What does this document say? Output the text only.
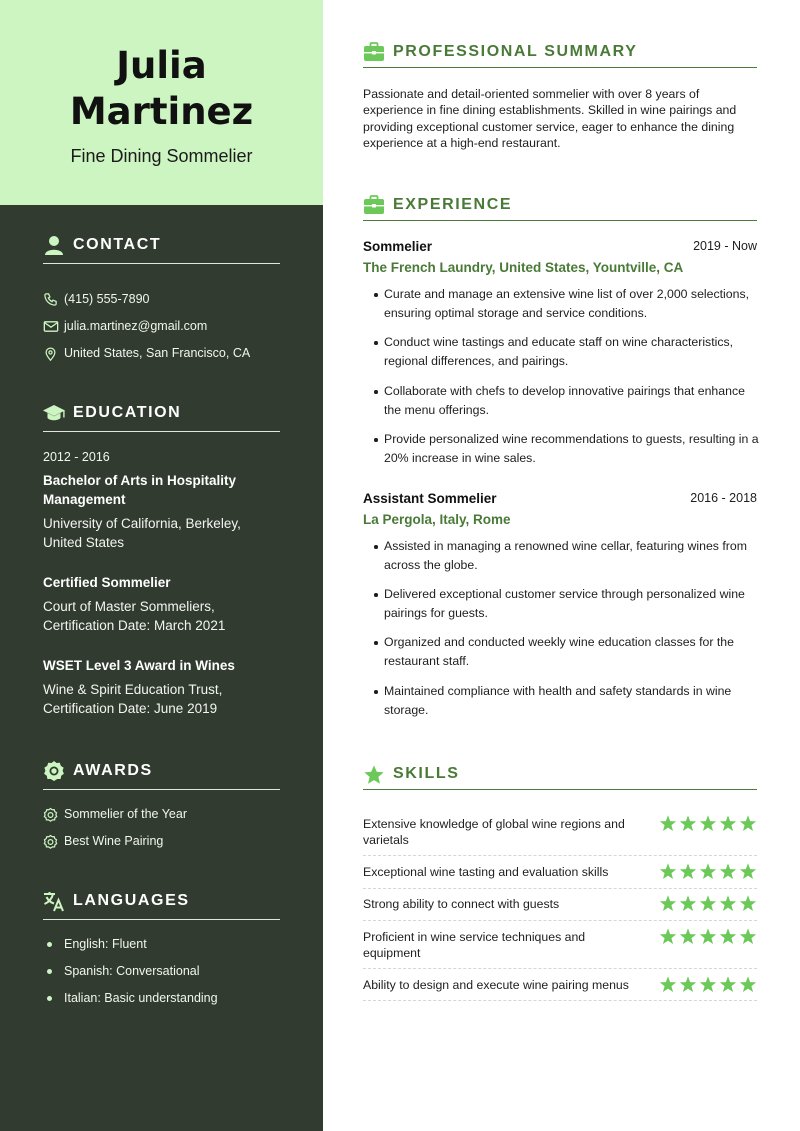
Julia
Martinez
Fine Dining Sommelier
CONTACT
(415) 555-7890
julia.martinez@gmail.com
United States, San Francisco, CA
EDUCATION
2012 - 2016
Bachelor of Arts in Hospitality
Management
University of California, Berkeley,
United States
Certified Sommelier
Court of Master Sommeliers,
Certification Date: March 2021
WSET Level 3 Award in Wines
Wine & Spirit Education Trust,
Certification Date: June 2019
AWARDS
Sommelier of the Year
Best Wine Pairing
LANGUAGES
English: Fluent
Spanish: Conversational
Italian: Basic understanding
PROFESSIONAL SUMMARY
Passionate and detail-oriented sommelier with over 8 years of experience in fine dining establishments. Skilled in wine pairings and providing exceptional customer service, eager to enhance the dining experience at a high-end restaurant.
EXPERIENCE
Sommelier	2019 - Now
The French Laundry, United States, Yountville, CA
Curate and manage an extensive wine list of over 2,000 selections,
ensuring optimal storage and service conditions.
Conduct wine tastings and educate staff on wine characteristics,
regional differences, and pairings.
Collaborate with chefs to develop innovative pairings that enhance
the menu offerings.
Provide personalized wine recommendations to guests, resulting in a
20% increase in wine sales.
Assistant Sommelier	2016 - 2018
La Pergola, Italy, Rome
Assisted in managing a renowned wine cellar, featuring wines from
across the globe.
Delivered exceptional customer service through personalized wine
pairings for guests.
Organized and conducted weekly wine education classes for the
restaurant staff.
Maintained compliance with health and safety standards in wine
storage.
SKILLS
Extensive knowledge of global wine regions and
varietals
Exceptional wine tasting and evaluation skills
Strong ability to connect with guests
Proficient in wine service techniques and
equipment
Ability to design and execute wine pairing menus
